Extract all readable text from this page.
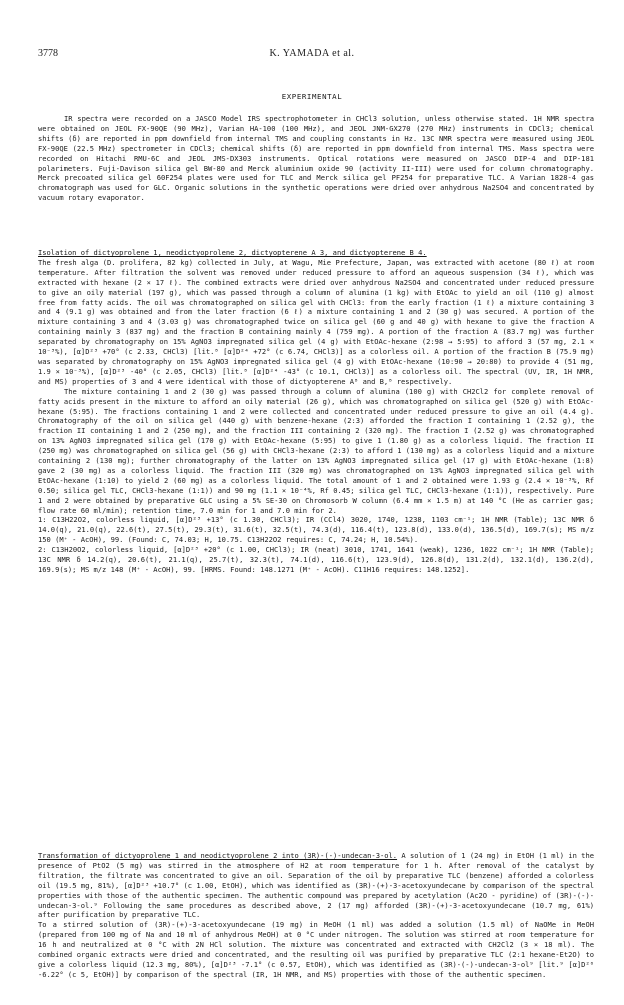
3778	K. YAMADA et al.
EXPERIMENTAL

IR spectra were recorded on a JASCO Model IRS spectrophotometer in CHCl3 solution, unless otherwise stated. 1H NMR spectra were obtained on JEOL FX-90QE (90 MHz), Varian HA-100 (100 MHz), and JEOL JNM-GX270 (270 MHz) instruments in CDCl3; chemical shifts (δ) are reported in ppm downfield from internal TMS and coupling constants in Hz. 13C NMR spectra were measured using JEOL FX-90QE (22.5 MHz) spectrometer in CDCl3; chemical shifts (δ) are reported in ppm downfield from internal TMS. Mass spectra were recorded on Hitachi RMU-6C and JEOL JMS-DX303 instruments. Optical rotations were measured on JASCO DIP-4 and DIP-181 polarimeters. Fuji-Davison silica gel BW-80 and Merck aluminium oxide 90 (activity II-III) were used for column chromatography. Merck precoated silica gel 60F254 plates were used for TLC and Merck silica gel PF254 for preparative TLC. A Varian 1828-4 gas chromatograph was used for GLC. Organic solutions in the synthetic operations were dried over anhydrous Na2SO4 and concentrated by vacuum rotary evaporator.

Isolation of dictyoprolene 1, neodictyoprolene 2, dictyopterene A 3, and dictyopterene B 4.

The fresh alga (D. prolifera, 82 kg) collected in July, at Wagu, Mie Prefecture, Japan, was extracted with acetone (80 ℓ) at room temperature. After filtration the solvent was removed under reduced pressure to afford an aqueous suspension (34 ℓ), which was extracted with hexane (2 × 17 ℓ). The combined extracts were dried over anhydrous Na2SO4 and concentrated under reduced pressure to give an oily material (197 g), which was passed through a column of alumina (1 kg) with EtOAc to yield an oil (110 g) almost free from fatty acids. The oil was chromatographed on silica gel with CHCl3: from the early fraction (1 ℓ) a mixture containing 3 and 4 (9.1 g) was obtained and from the later fraction (6 ℓ) a mixture containing 1 and 2 (30 g) was secured. A portion of the mixture containing 3 and 4 (3.03 g) was chromatographed twice on silica gel (60 g and 40 g) with hexane to give the fraction A containing mainly 3 (837 mg) and the fraction B containing mainly 4 (759 mg). A portion of the fraction A (83.7 mg) was further separated by chromatography on 15% AgNO3 impregnated silica gel (4 g) with EtOAc-hexane (2:98 → 5:95) to afford 3 (57 mg, 2.1 × 10⁻³%), [α]D²³ +70° (c 2.33, CHCl3) [lit.⁸ [α]D²⁴ +72° (c 6.74, CHCl3)] as a colorless oil. A portion of the fraction B (75.9 mg) was separated by chromatography on 15% AgNO3 impregnated silica gel (4 g) with EtOAc-hexane (10:90 → 20:80) to provide 4 (51 mg, 1.9 × 10⁻³%), [α]D²³ -40° (c 2.05, CHCl3) [lit.⁸ [α]D²⁴ -43° (c 10.1, CHCl3)] as a colorless oil. The spectral (UV, IR, 1H NMR, and MS) properties of 3 and 4 were identical with those of dictyopterene A⁸ and B,⁸ respectively.

The mixture containing 1 and 2 (30 g) was passed through a column of alumina (100 g) with CH2Cl2 for complete removal of fatty acids present in the mixture to afford an oily material (26 g), which was chromatographed on silica gel (520 g) with EtOAc-hexane (5:95). The fractions containing 1 and 2 were collected and concentrated under reduced pressure to give an oil (4.4 g). Chromatography of the oil on silica gel (440 g) with benzene-hexane (2:3) afforded the fraction I containing 1 (2.52 g), the fraction II containing 1 and 2 (250 mg), and the fraction III containing 2 (320 mg). The fraction I (2.52 g) was chromatographed on 13% AgNO3 impregnated silica gel (170 g) with EtOAc-hexane (5:95) to give 1 (1.80 g) as a colorless liquid. The fraction II (250 mg) was chromatographed on silica gel (56 g) with CHCl3-hexane (2:3) to afford 1 (130 mg) as a colorless liquid and a mixture containing 2 (130 mg); further chromatography of the latter on 13% AgNO3 impregnated silica gel (17 g) with EtOAc-hexane (1:8) gave 2 (30 mg) as a colorless liquid. The fraction III (320 mg) was chromatographed on 13% AgNO3 impregnated silica gel with EtOAc-hexane (1:10) to yield 2 (60 mg) as a colorless liquid. The total amount of 1 and 2 obtained were 1.93 g (2.4 × 10⁻³%, Rf 0.50; silica gel TLC, CHCl3-hexane (1:1)) and 90 mg (1.1 × 10⁻⁴%, Rf 0.45; silica gel TLC, CHCl3-hexane (1:1)), respectively. Pure 1 and 2 were obtained by preparative GLC using a 5% SE-30 on Chromosorb W column (6.4 mm × 1.5 m) at 140 °C (He as carrier gas; flow rate 60 ml/min); retention time, 7.0 min for 1 and 7.0 min for 2.

1: C13H22O2, colorless liquid, [α]D²³ +13° (c 1.30, CHCl3); IR (CCl4) 3020, 1740, 1238, 1103 cm⁻¹; 1H NMR (Table); 13C NMR δ 14.0(q), 21.0(q), 22.6(t), 27.5(t), 29.3(t), 31.6(t), 32.5(t), 74.3(d), 116.4(t), 123.8(d), 133.0(d), 136.5(d), 169.7(s); MS m/z 150 (M⁺ - AcOH), 99. (Found: C, 74.03; H, 10.75. C13H22O2 requires: C, 74.24; H, 10.54%).

2: C13H20O2, colorless liquid, [α]D²³ +20° (c 1.00, CHCl3); IR (neat) 3010, 1741, 1641 (weak), 1236, 1022 cm⁻¹; 1H NMR (Table); 13C NMR δ 14.2(q), 20.6(t), 21.1(q), 25.7(t), 32.3(t), 74.1(d), 116.6(t), 123.9(d), 126.8(d), 131.2(d), 132.1(d), 136.2(d), 169.9(s); MS m/z 148 (M⁺ - AcOH), 99. [HRMS. Found: 148.1271 (M⁺ - AcOH). C11H16 requires: 148.1252].

Transformation of dictyoprolene 1 and neodictyoprolene 2 into (3R)-(-)-undecan-3-ol. A solution of 1 (24 mg) in EtOH (1 ml) in the presence of PtO2 (5 mg) was stirred in the atmosphere of H2 at room temperature for 1 h. After removal of the catalyst by filtration, the filtrate was concentrated to give an oil. Separation of the oil by preparative TLC (benzene) afforded a colorless oil (19.5 mg, 81%), [α]D²³ +10.7° (c 1.00, EtOH), which was identified as (3R)-(+)-3-acetoxyundecane by comparison of the spectral properties with those of the authentic specimen. The authentic compound was prepared by acetylation (Ac2O - pyridine) of (3R)-(-)-undecan-3-ol.⁹ Following the same procedures as described above, 2 (17 mg) afforded (3R)-(+)-3-acetoxyundecane (10.7 mg, 61%) after purification by preparative TLC.

To a stirred solution of (3R)-(+)-3-acetoxyundecane (19 mg) in MeOH (1 ml) was added a solution (1.5 ml) of NaOMe in MeOH (prepared from 100 mg of Na and 10 ml of anhydrous MeOH) at 0 °C under nitrogen. The solution was stirred at room temperature for 16 h and neutralized at 0 °C with 2N HCl solution. The mixture was concentrated and extracted with CH2Cl2 (3 × 18 ml). The combined organic extracts were dried and concentrated, and the resulting oil was purified by preparative TLC (2:1 hexane-Et2O) to give a colorless liquid (12.3 mg, 80%), [α]D²³ -7.1° (c 0.57, EtOH), which was identified as (3R)-(-)-undecan-3-ol⁹ [lit.⁹ [α]D²⁰ -6.22° (c 5, EtOH)] by comparison of the spectral (IR, 1H NMR, and MS) properties with those of the authentic specimen.
